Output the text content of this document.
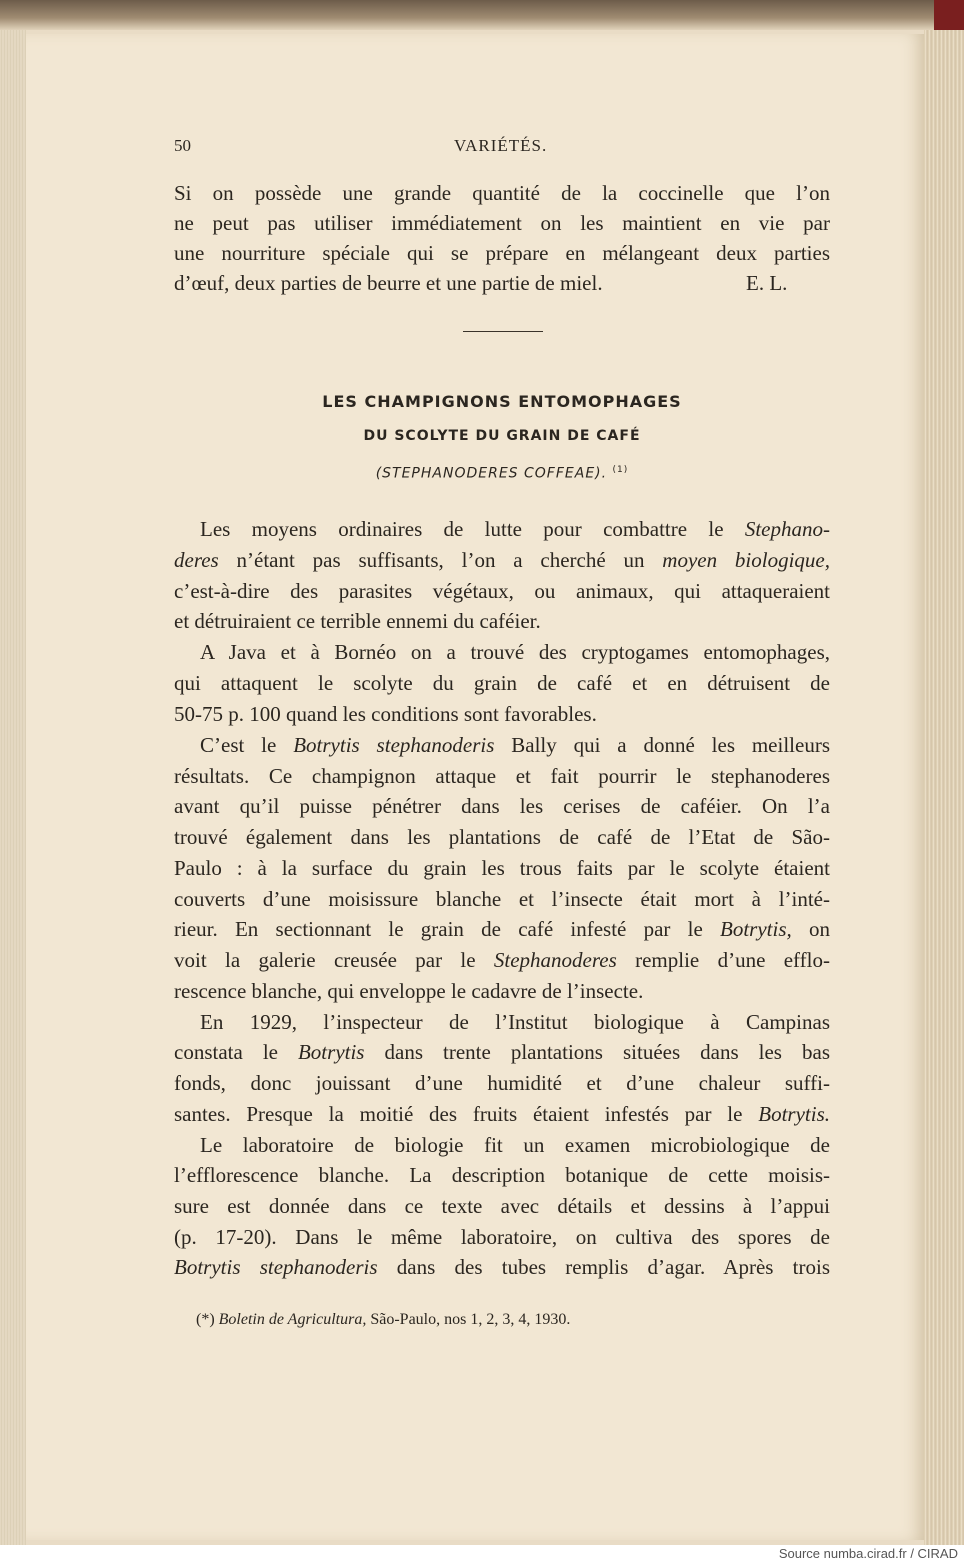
50	VARIÉTÉS.
Si on possède une grande quantité de la coccinelle que l’on
ne peut pas utiliser immédiatement on les maintient en vie par
une nourriture spéciale qui se prépare en mélangeant deux parties
d’œuf, deux parties de beurre et une partie de miel.	E. L.
LES CHAMPIGNONS ENTOMOPHAGES
DU SCOLYTE DU GRAIN DE CAFÉ
(STEPHANODERES COFFEAE). $^{(1)}$
Les moyens ordinaires de lutte pour combattre le Stephano-
deres n’étant pas suffisants, l’on a cherché un moyen biologique,
c’est-à-dire des parasites végétaux, ou animaux, qui attaqueraient
et détruiraient ce terrible ennemi du caféier.
A Java et à Bornéo on a trouvé des cryptogames entomophages,
qui attaquent le scolyte du grain de café et en détruisent de
50-75 p. 100 quand les conditions sont favorables.
C’est le Botrytis stephanoderis Bally qui a donné les meilleurs
résultats. Ce champignon attaque et fait pourrir le stephanoderes
avant qu’il puisse pénétrer dans les cerises de caféier. On l’a
trouvé également dans les plantations de café de l’Etat de São-
Paulo : à la surface du grain les trous faits par le scolyte étaient
couverts d’une moisissure blanche et l’insecte était mort à l’inté-
rieur. En sectionnant le grain de café infesté par le Botrytis, on
voit la galerie creusée par le Stephanoderes remplie d’une efflo-
rescence blanche, qui enveloppe le cadavre de l’insecte.
En 1929, l’inspecteur de l’Institut biologique à Campinas
constata le Botrytis dans trente plantations situées dans les bas
fonds, donc jouissant d’une humidité et d’une chaleur suffi-
santes. Presque la moitié des fruits étaient infestés par le Botrytis.
Le laboratoire de biologie fit un examen microbiologique de
l’efflorescence blanche. La description botanique de cette moisis-
sure est donnée dans ce texte avec détails et dessins à l’appui
(p. 17-20). Dans le même laboratoire, on cultiva des spores de
Botrytis stephanoderis dans des tubes remplis d’agar. Après trois
(*) Boletin de Agricultura, São-Paulo, nos 1, 2, 3, 4, 1930.
Source numba.cirad.fr / CIRAD
